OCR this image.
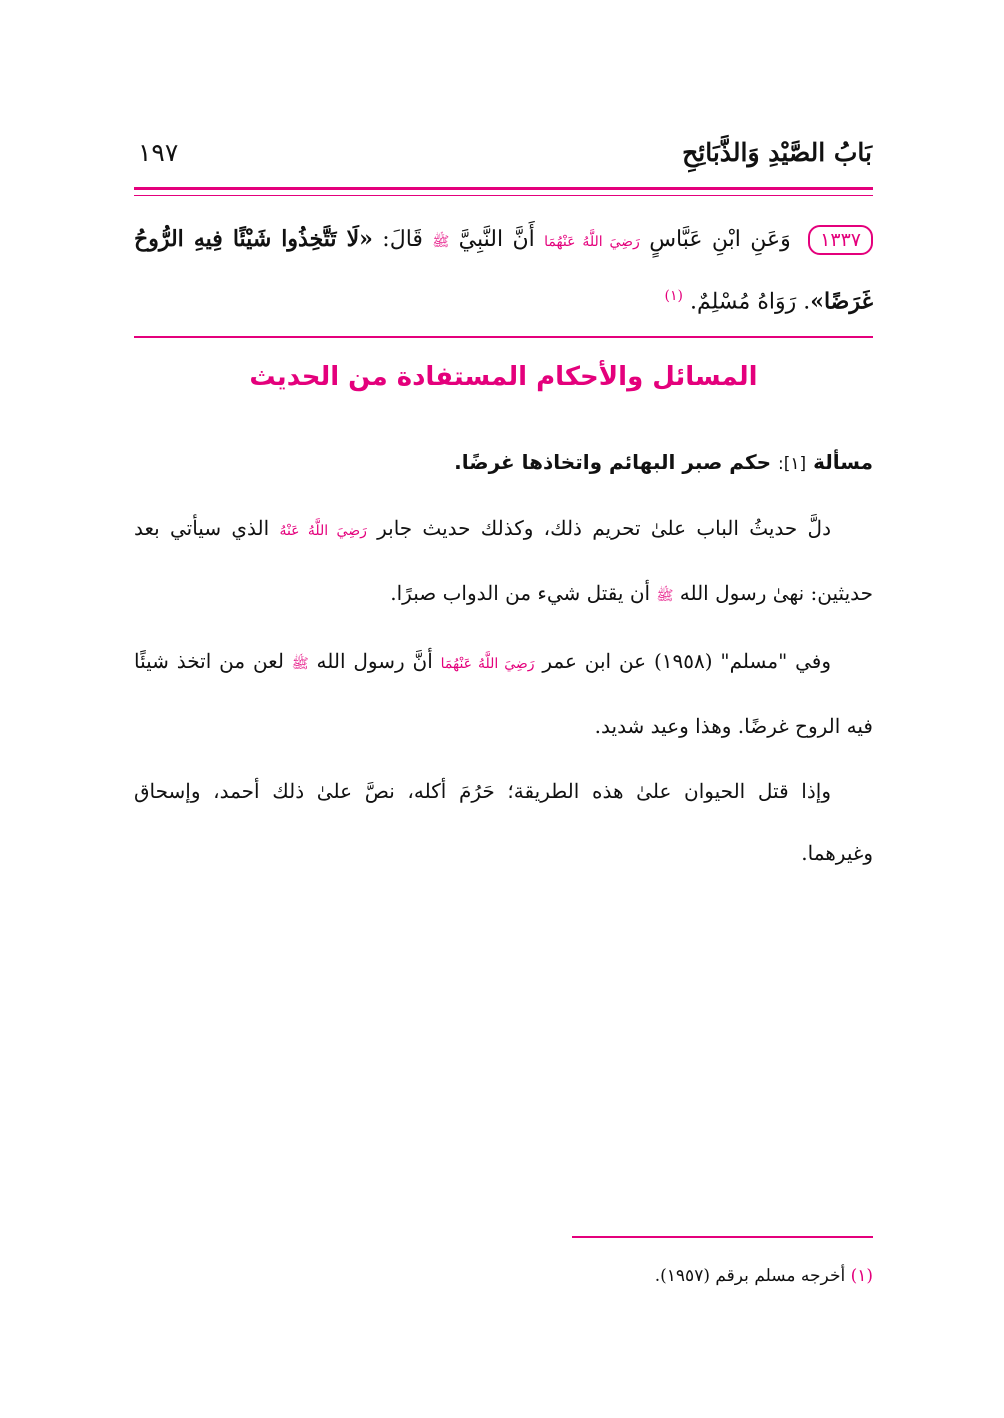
بَابُ الصَّيْدِ وَالذَّبَائِحِ
١٩٧
١٣٣٧ وَعَنِ ابْنِ عَبَّاسٍ رَضِيَ اللَّهُ عَنْهُمَا أَنَّ النَّبِيَّ ﷺ قَالَ: «لَا تَتَّخِذُوا شَيْئًا فِيهِ الرُّوحُ غَرَضًا». رَوَاهُ مُسْلِمٌ. $^{(١)}$
المسائل والأحكام المستفادة من الحديث
مسألة [١]: حكم صبر البهائم واتخاذها غرضًا.
دلَّ حديثُ الباب علىٰ تحريم ذلك، وكذلك حديث جابر رَضِيَ اللَّهُ عَنْهُ الذي سيأتي بعد حديثين: نهىٰ رسول الله ﷺ أن يقتل شيء من الدواب صبرًا.
وفي "مسلم" (١٩٥٨) عن ابن عمر رَضِيَ اللَّهُ عَنْهُمَا أنَّ رسول الله ﷺ لعن من اتخذ شيئًا فيه الروح غرضًا. وهذا وعيد شديد.
وإذا قتل الحيوان علىٰ هذه الطريقة؛ حَرُمَ أكله، نصَّ علىٰ ذلك أحمد، وإسحاق وغيرهما.
(١) أخرجه مسلم برقم (١٩٥٧).
